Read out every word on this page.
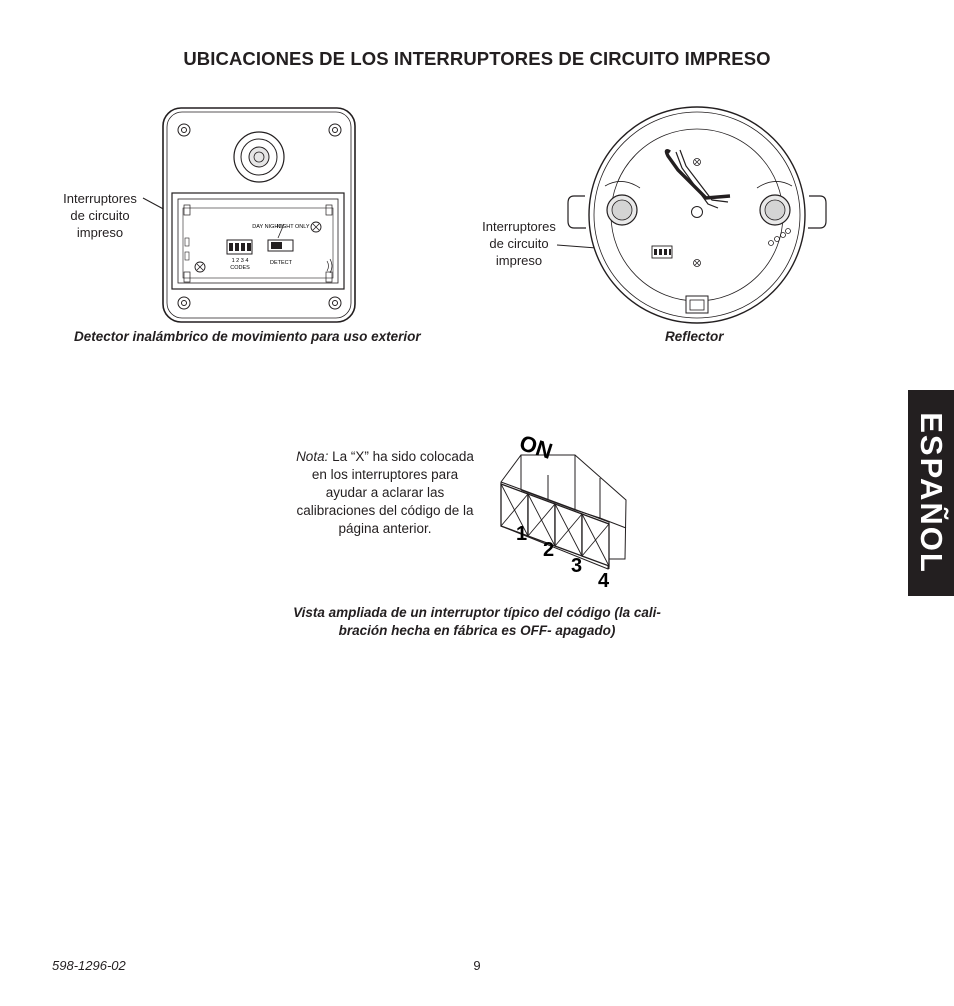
UBICACIONES DE LOS INTERRUPTORES DE CIRCUITO IMPRESO
Interruptores
de circuito
impreso	DAY NIGHT
NIGHT ONLY
1 2 3 4
CODES
DETECT
ON
1
2
3
4
Interruptores
de circuito
impreso
Detector inalámbrico de movimiento para uso exterior	Reflector
Nota: La “X” ha sido colocada en los interruptores para ayudar a aclarar las calibraciones del código de la página anterior.
Vista ampliada de un interruptor típico del código (la cali-
bración hecha en fábrica es OFF- apagado)
ESPAÑOL
598-1296-02	9
